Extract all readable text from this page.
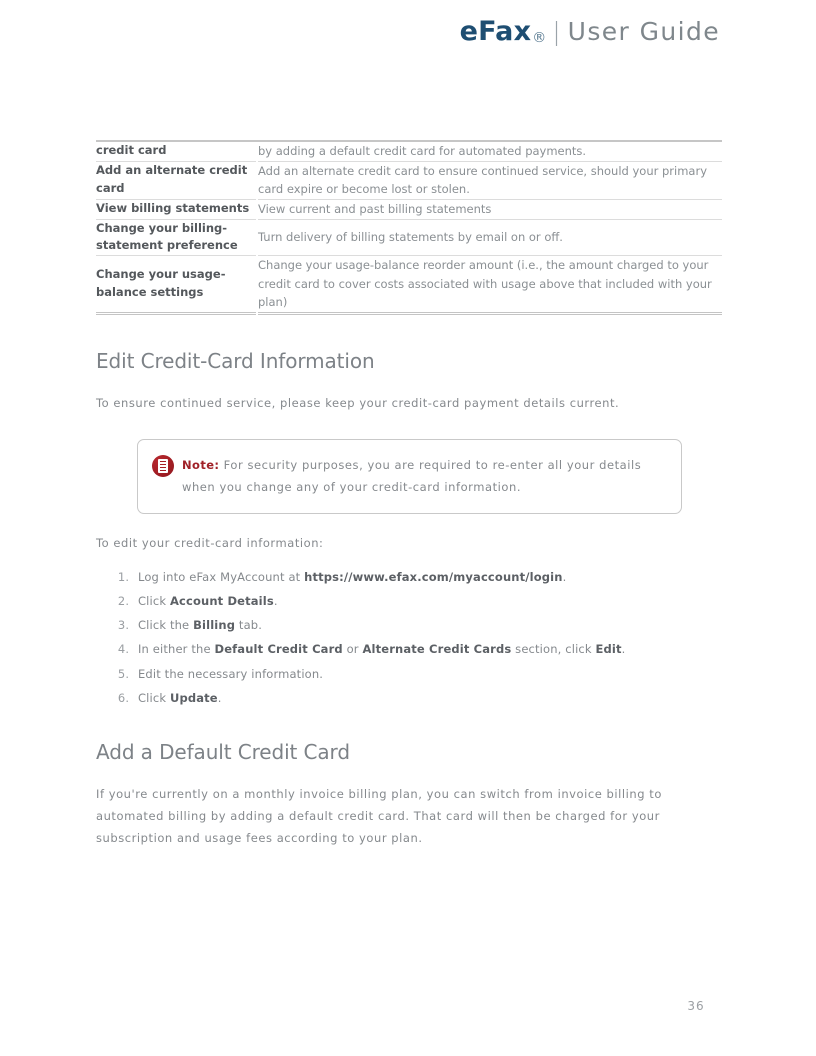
eFax ® | User Guide
credit card		by adding a default credit card for automated payments.
Add an alternate credit card		Add an alternate credit card to ensure continued service, should your primary card expire or become lost or stolen.
View billing statements		View current and past billing statements
Change your billing-statement preference		Turn delivery of billing statements by email on or off.
Change your usage-balance settings		Change your usage-balance reorder amount (i.e., the amount charged to your credit card to cover costs associated with usage above that included with your plan)
Edit Credit-Card Information

To ensure continued service, please keep your credit-card payment details current.

Note: For security purposes, you are required to re-enter all your details when you change any of your credit-card information.

To edit your credit-card information:

1. Log into eFax MyAccount at https://www.efax.com/myaccount/login.
2. Click Account Details.
3. Click the Billing tab.
4. In either the Default Credit Card or Alternate Credit Cards section, click Edit.
5. Edit the necessary information.
6. Click Update.
Add a Default Credit Card

If you're currently on a monthly invoice billing plan, you can switch from invoice billing to automated billing by adding a default credit card. That card will then be charged for your subscription and usage fees according to your plan.

36
